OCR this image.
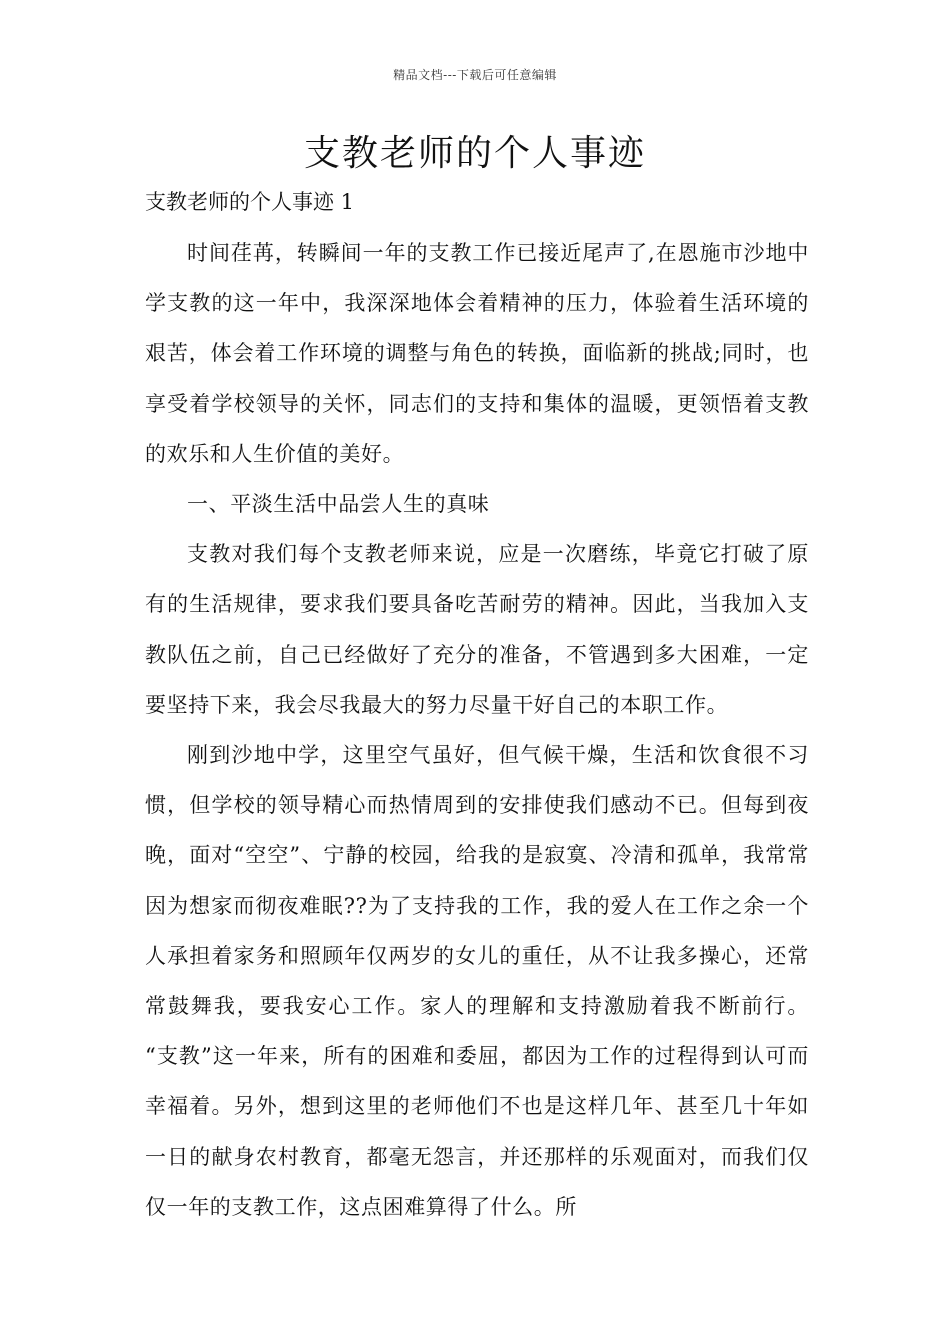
精品文档---下载后可任意编辑
支教老师的个人事迹

支教老师的个人事迹 1

时间荏苒，转瞬间一年的支教工作已接近尾声了,在恩施市沙地中学支教的这一年中，我深深地体会着精神的压力，体验着生活环境的艰苦，体会着工作环境的调整与角色的转换，面临新的挑战;同时，也享受着学校领导的关怀，同志们的支持和集体的温暖，更领悟着支教的欢乐和人生价值的美好。

一、平淡生活中品尝人生的真味

支教对我们每个支教老师来说，应是一次磨练，毕竟它打破了原有的生活规律，要求我们要具备吃苦耐劳的精神。因此，当我加入支教队伍之前，自己已经做好了充分的准备，不管遇到多大困难，一定要坚持下来，我会尽我最大的努力尽量干好自己的本职工作。

刚到沙地中学，这里空气虽好，但气候干燥，生活和饮食很不习惯，但学校的领导精心而热情周到的安排使我们感动不已。但每到夜晚，面对“空空”、宁静的校园，给我的是寂寞、冷清和孤单，我常常因为想家而彻夜难眠??为了支持我的工作，我的爱人在工作之余一个人承担着家务和照顾年仅两岁的女儿的重任，从不让我多操心，还常常鼓舞我，要我安心工作。家人的理解和支持激励着我不断前行。 “支教”这一年来，所有的困难和委屈，都因为工作的过程得到认可而幸福着。另外，想到这里的老师他们不也是这样几年、甚至几十年如一日的献身农村教育，都毫无怨言，并还那样的乐观面对，而我们仅仅一年的支教工作，这点困难算得了什么。所
